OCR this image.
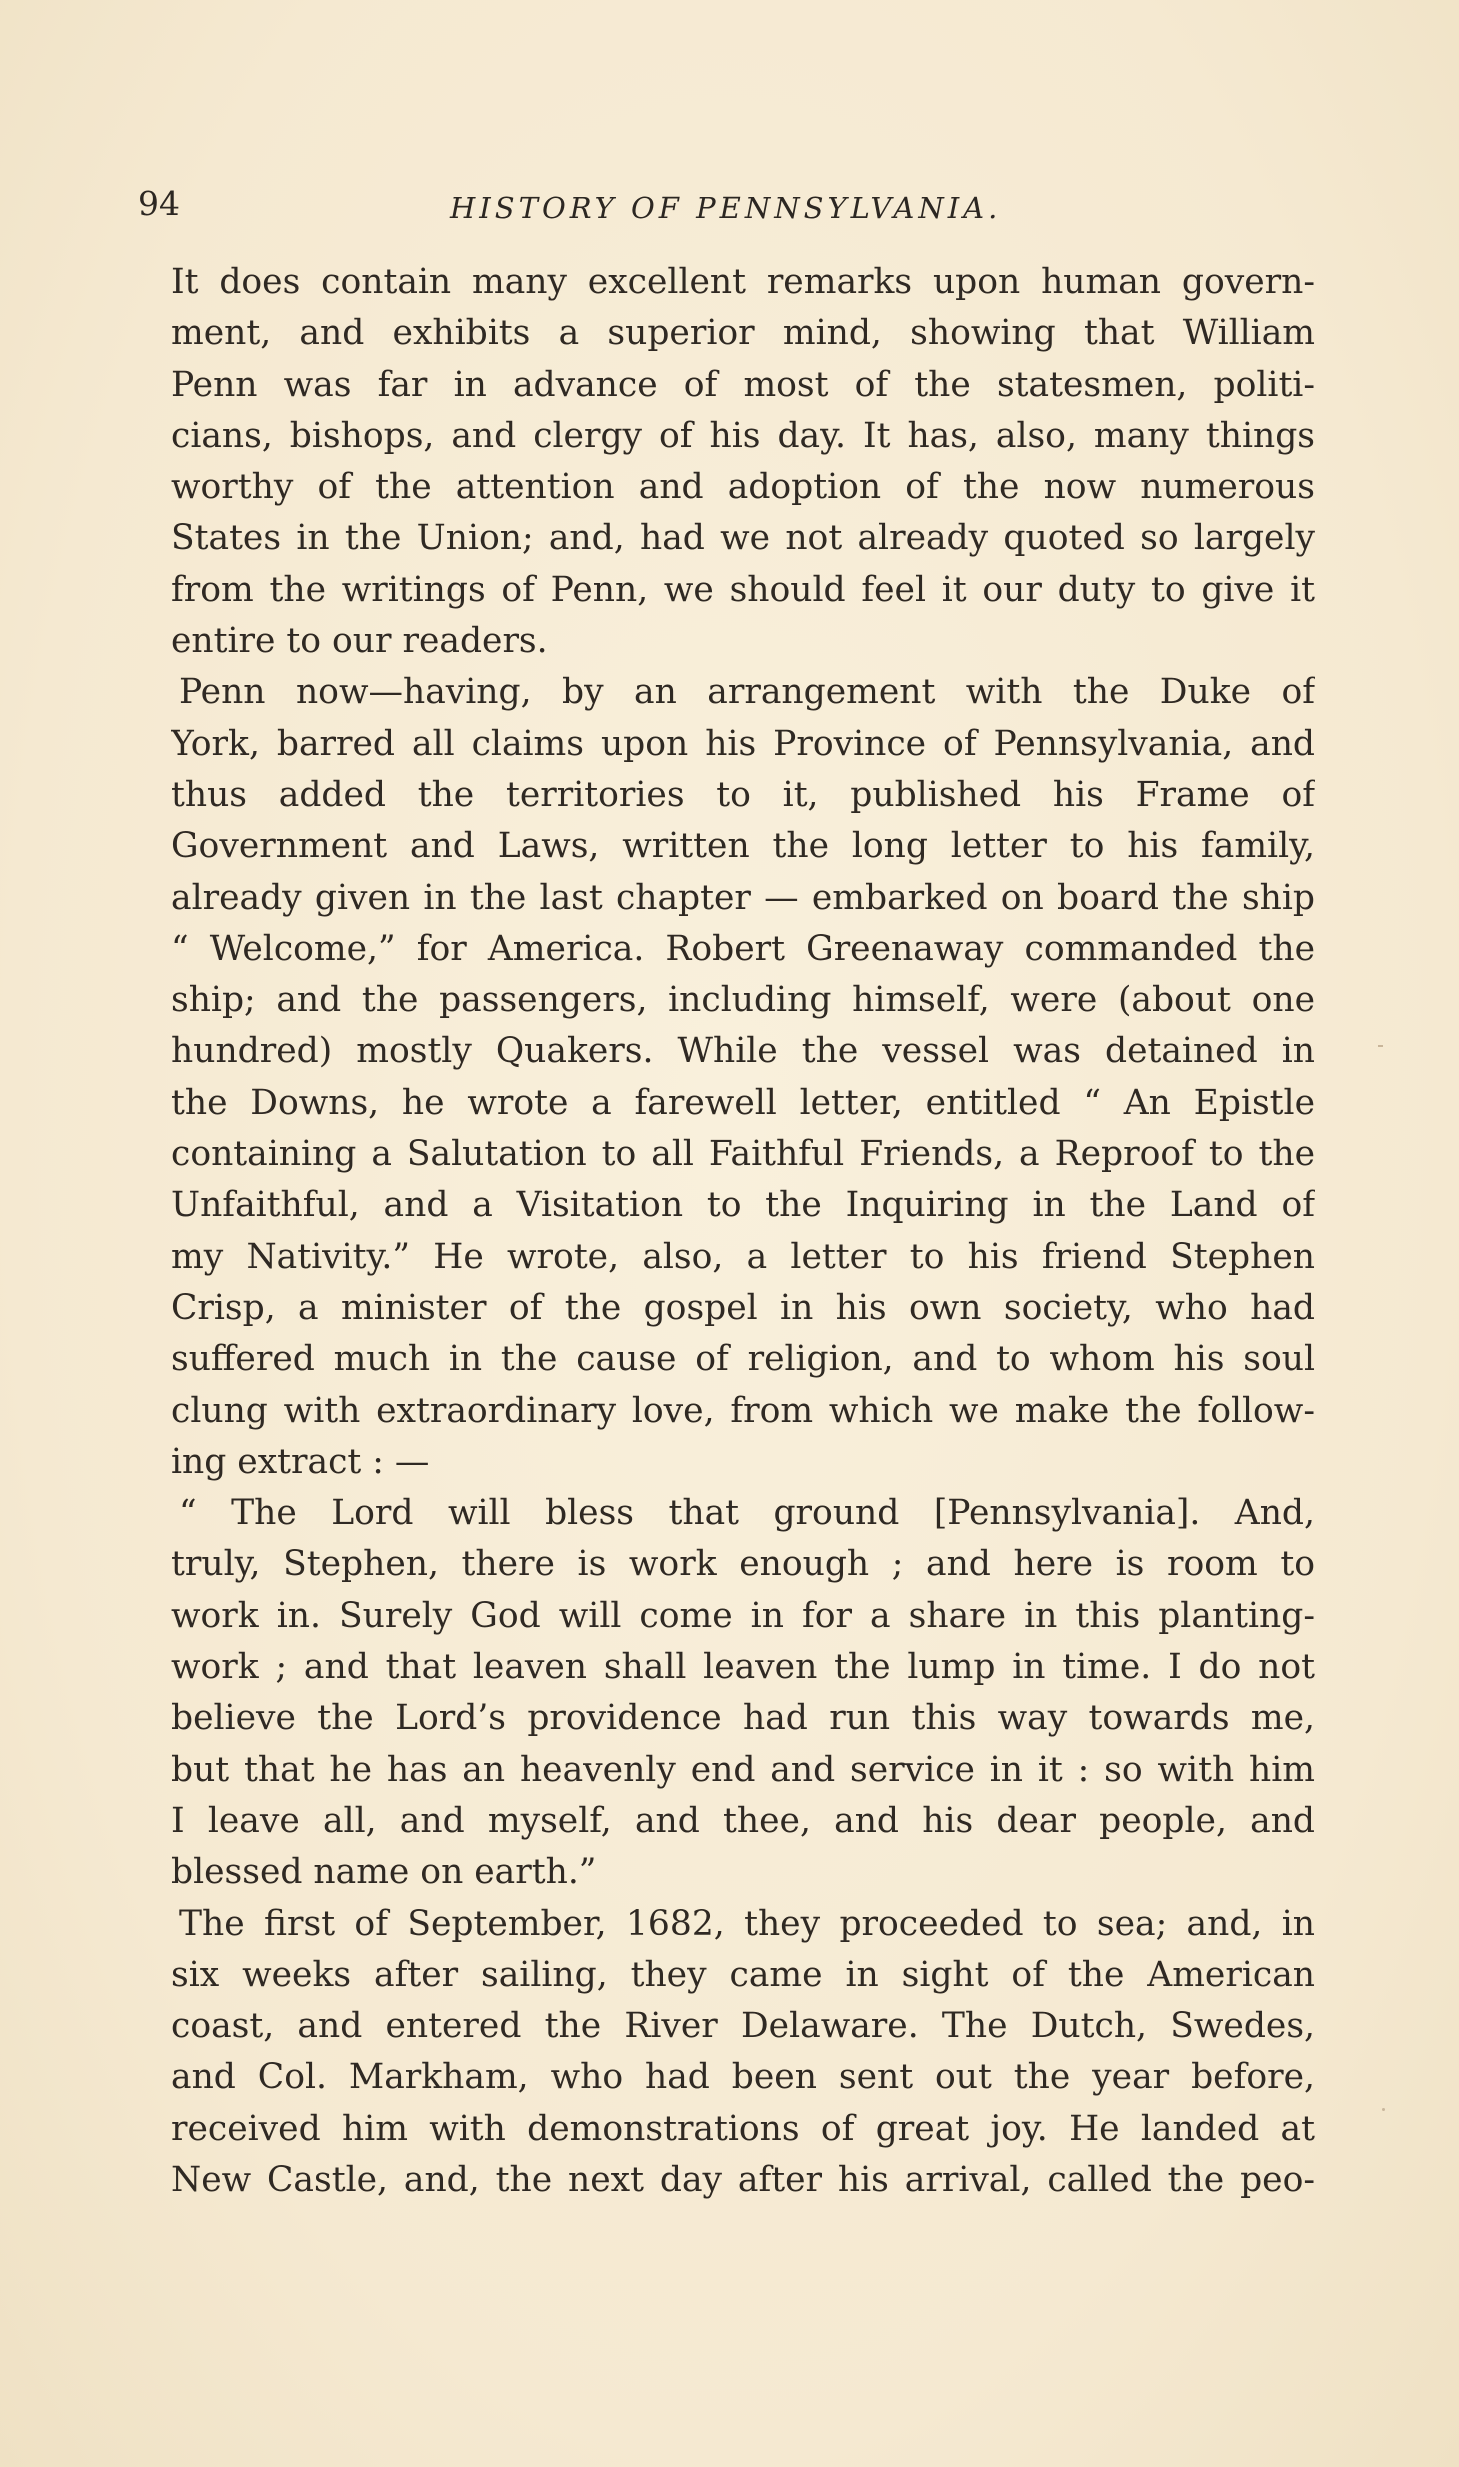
94	HISTORY OF PENNSYLVANIA.
It does contain many excellent remarks upon human govern-
ment, and exhibits a superior mind, showing that William
Penn was far in advance of most of the statesmen, politi-
cians, bishops, and clergy of his day. It has, also, many things
worthy of the attention and adoption of the now numerous
States in the Union; and, had we not already quoted so largely
from the writings of Penn, we should feel it our duty to give it
entire to our readers.
Penn now—having, by an arrangement with the Duke of
York, barred all claims upon his Province of Pennsylvania, and
thus added the territories to it, published his Frame of
Government and Laws, written the long letter to his family,
already given in the last chapter — embarked on board the ship
“ Welcome,” for America. Robert Greenaway commanded the
ship; and the passengers, including himself, were (about one
hundred) mostly Quakers. While the vessel was detained in
the Downs, he wrote a farewell letter, entitled “ An Epistle
containing a Salutation to all Faithful Friends, a Reproof to the
Unfaithful, and a Visitation to the Inquiring in the Land of
my Nativity.” He wrote, also, a letter to his friend Stephen
Crisp, a minister of the gospel in his own society, who had
suffered much in the cause of religion, and to whom his soul
clung with extraordinary love, from which we make the follow-
ing extract : —
“ The Lord will bless that ground [Pennsylvania]. And,
truly, Stephen, there is work enough ; and here is room to
work in. Surely God will come in for a share in this planting-
work ; and that leaven shall leaven the lump in time. I do not
believe the Lord’s providence had run this way towards me,
but that he has an heavenly end and service in it : so with him
I leave all, and myself, and thee, and his dear people, and
blessed name on earth.”
The first of September, 1682, they proceeded to sea; and, in
six weeks after sailing, they came in sight of the American
coast, and entered the River Delaware. The Dutch, Swedes,
and Col. Markham, who had been sent out the year before,
received him with demonstrations of great joy. He landed at
New Castle, and, the next day after his arrival, called the peo-
